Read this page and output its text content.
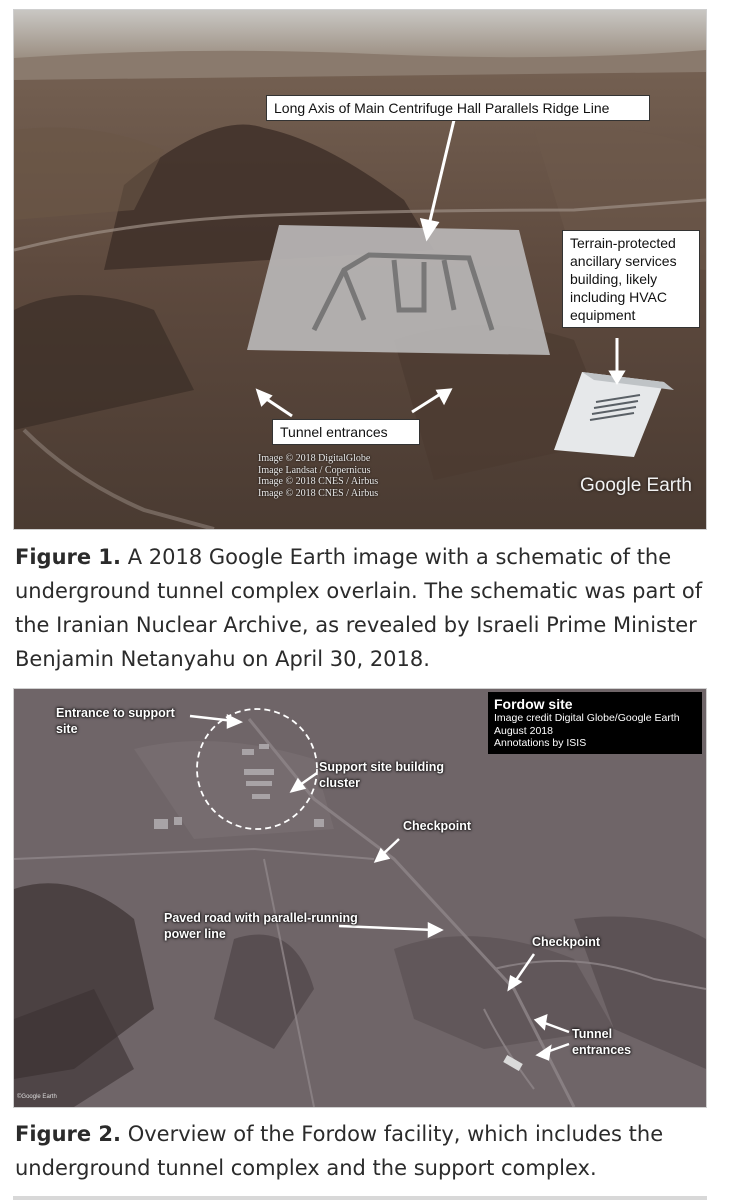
Long Axis of Main Centrifuge Hall Parallels Ridge Line
Terrain-protected ancillary services building, likely including HVAC equipment
Tunnel entrances
Image © 2018 DigitalGlobe
Image Landsat / Copernicus
Image © 2018 CNES / Airbus
Image © 2018 CNES / Airbus	Google Earth
Figure 1. A 2018 Google Earth image with a schematic of the underground tunnel complex overlain. The schematic was part of the Iranian Nuclear Archive, as revealed by Israeli Prime Minister Benjamin Netanyahu on April 30, 2018.
Fordow site
Image credit Digital Globe/Google Earth
August 2018
Annotations by ISIS
Entrance to support site
Support site building cluster
Checkpoint
Paved road with parallel-running power line
Checkpoint
Tunnel entrances
©Google Earth
Figure 2. Overview of the Fordow facility, which includes the underground tunnel complex and the support complex.
